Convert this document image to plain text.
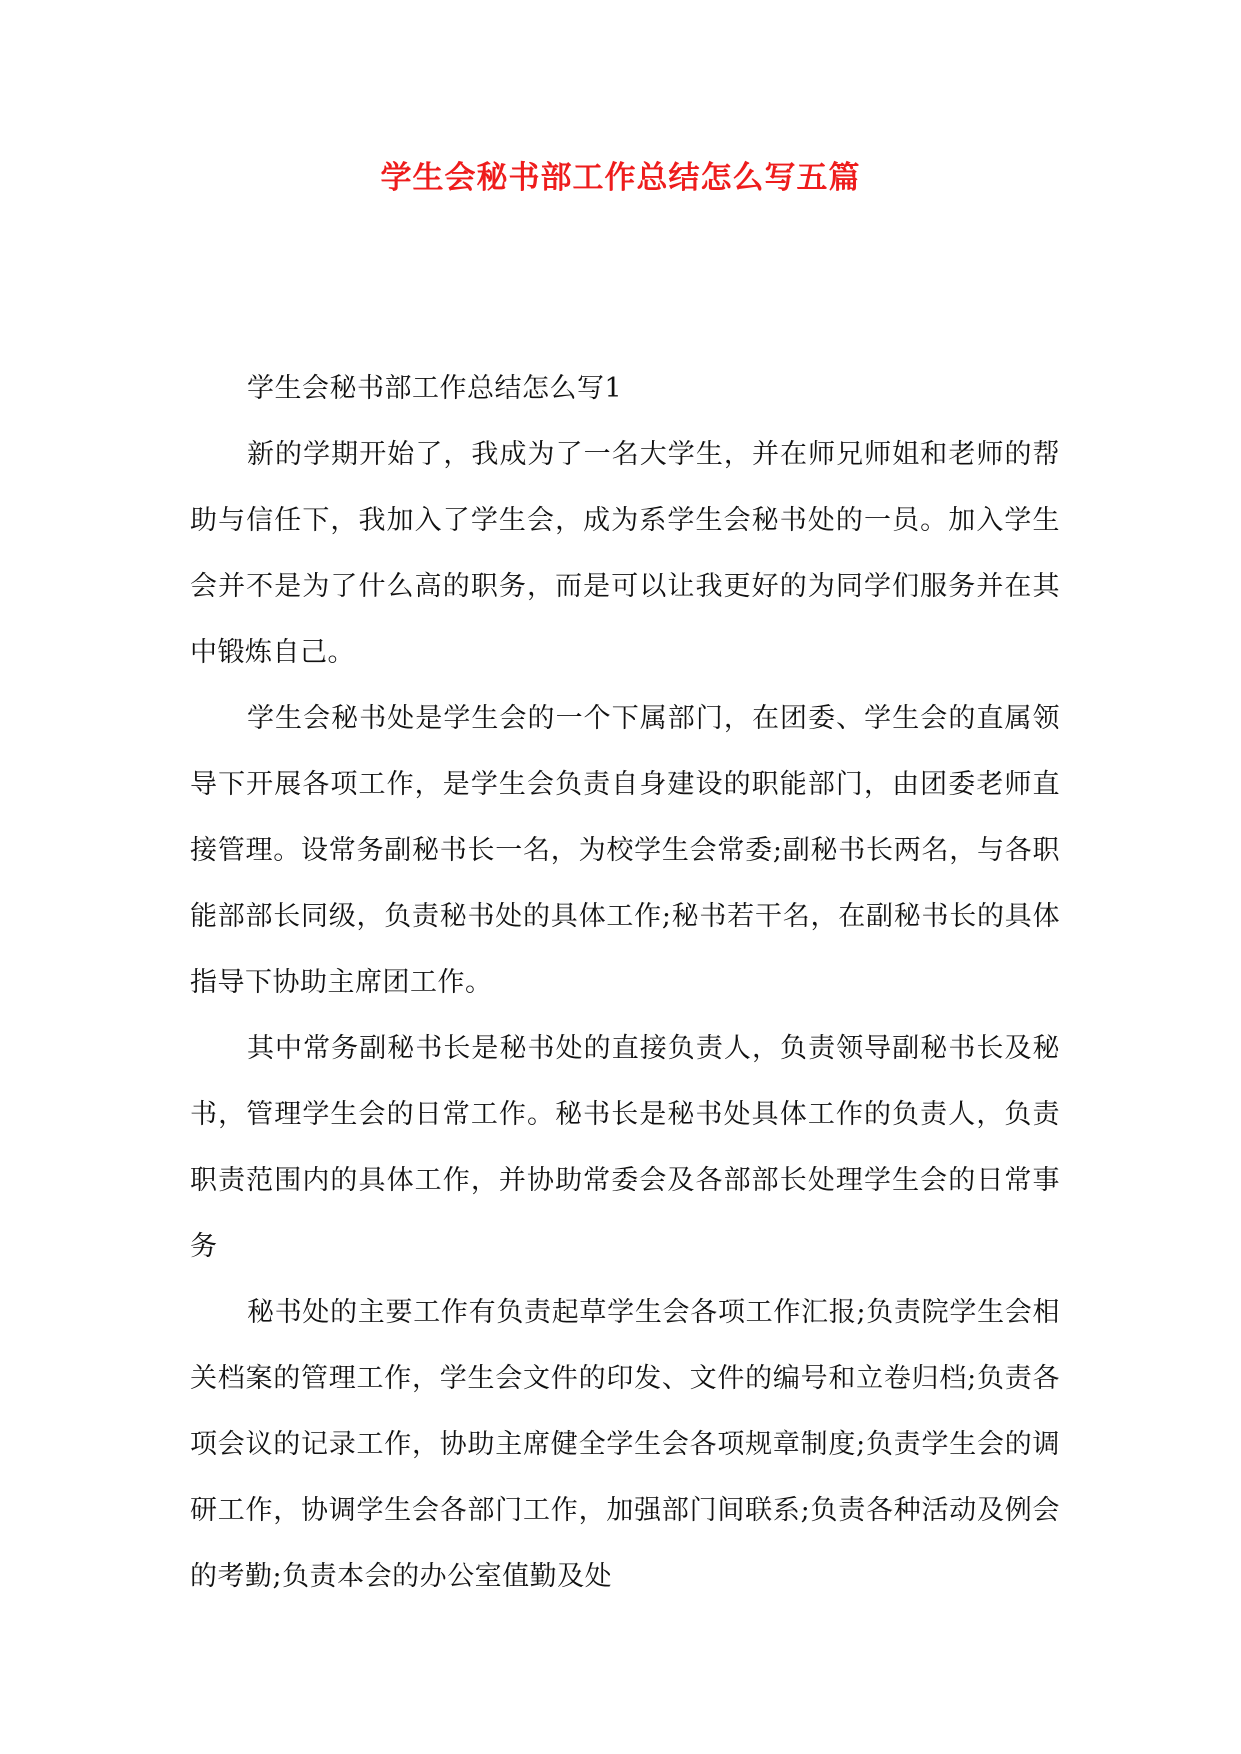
学生会秘书部工作总结怎么写五篇

学生会秘书部工作总结怎么写1

新的学期开始了，我成为了一名大学生，并在师兄师姐和老师的帮助与信任下，我加入了学生会，成为系学生会秘书处的一员。加入学生会并不是为了什么高的职务，而是可以让我更好的为同学们服务并在其中锻炼自己。

学生会秘书处是学生会的一个下属部门，在团委、学生会的直属领导下开展各项工作，是学生会负责自身建设的职能部门，由团委老师直接管理。设常务副秘书长一名，为校学生会常委;副秘书长两名，与各职能部部长同级，负责秘书处的具体工作;秘书若干名，在副秘书长的具体指导下协助主席团工作。

其中常务副秘书长是秘书处的直接负责人，负责领导副秘书长及秘书，管理学生会的日常工作。秘书长是秘书处具体工作的负责人，负责职责范围内的具体工作，并协助常委会及各部部长处理学生会的日常事务

秘书处的主要工作有负责起草学生会各项工作汇报;负责院学生会相关档案的管理工作，学生会文件的印发、文件的编号和立卷归档;负责各项会议的记录工作，协助主席健全学生会各项规章制度;负责学生会的调研工作，协调学生会各部门工作，加强部门间联系;负责各种活动及例会的考勤;负责本会的办公室值勤及处
